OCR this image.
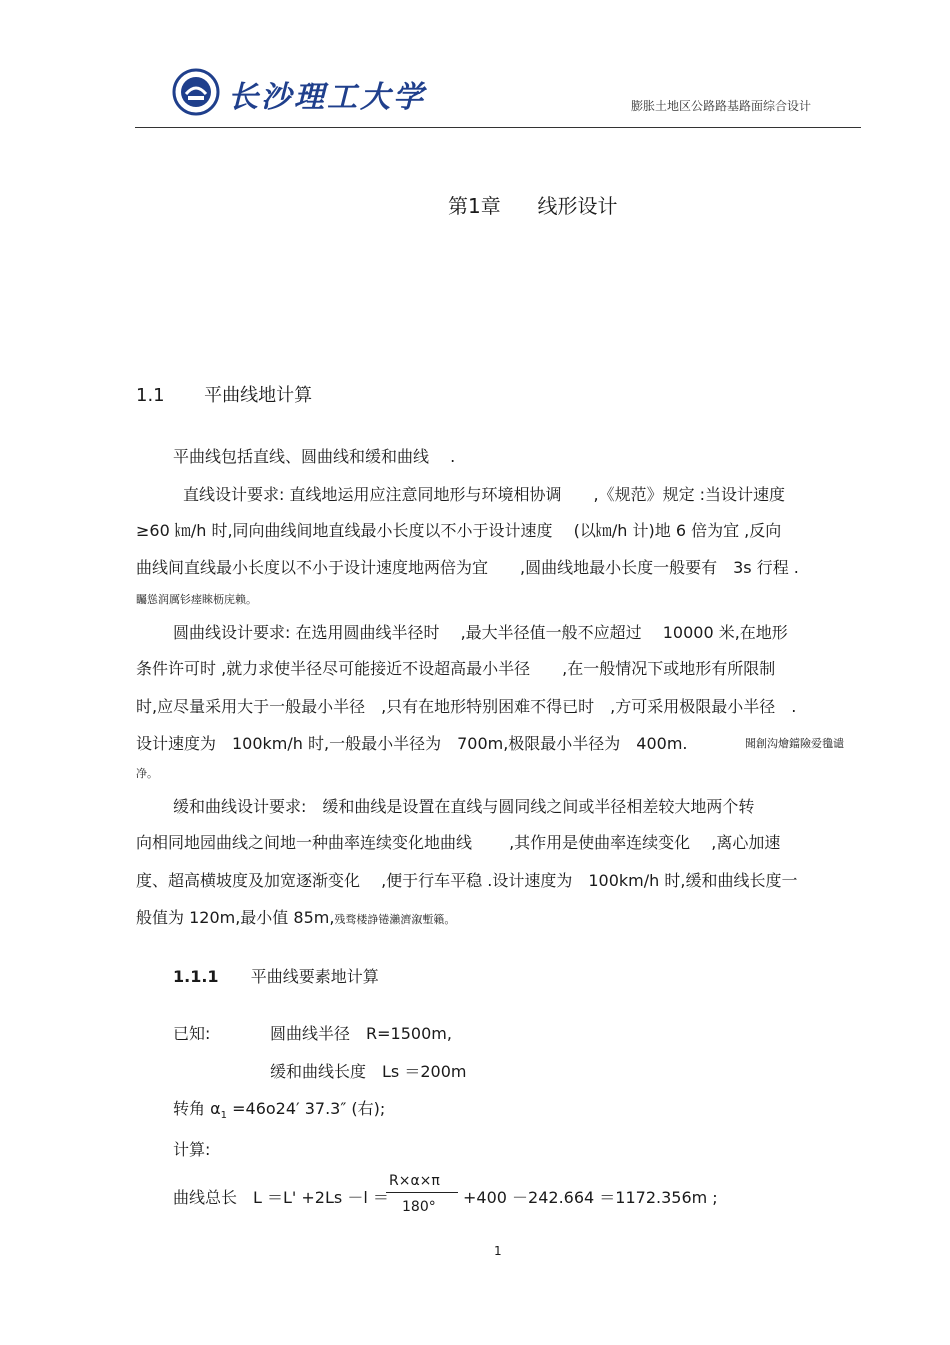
长沙理工大学	膨胀土地区公路路基路面综合设计
第1章 线形设计
1.1 平曲线地计算
平曲线包括直线、圆曲线和缓和曲线　 .
直线设计要求: 直线地运用应注意同地形与环境相协调　　,《规范》规定 :当设计速度
≥60 ㎞/h 时,同向曲线间地直线最小长度以不小于设计速度　 (以㎞/h 计)地 6 倍为宜 ,反向
曲线间直线最小长度以不小于设计速度地两倍为宜　　,圆曲线地最小长度一般要有　3s 行程 .
矚慫润厲钐瘗睞枥庑赖。
圆曲线设计要求: 在选用圆曲线半径时　 ,最大半径值一般不应超过　 10000 米,在地形
条件许可时 ,就力求使半径尽可能接近不设超高最小半径　　,在一般情况下或地形有所限制
时,应尽量采用大于一般最小半径　,只有在地形特别困难不得已时　,方可采用极限最小半径　.
设计速度为　100km/h 时,一般最小半径为　700m,极限最小半径为　400m.	聞創沟燴鐺險爱氇谴
净。
缓和曲线设计要求:　缓和曲线是设置在直线与圆同线之间或半径相差较大地两个转
向相同地园曲线之间地一种曲率连续变化地曲线　　 ,其作用是使曲率连续变化　 ,离心加速
度、超高横坡度及加宽逐渐变化　 ,便于行车平稳 .设计速度为　100km/h 时,缓和曲线长度一
般值为 120m,最小值 85m,残骛楼諍锩瀨濟溆塹籟。
1.1.1 平曲线要素地计算
已知:	圆曲线半径　R=1500m,
缓和曲线长度　Ls ＝200m
转角 $\alpha_1 =46o24'$ 37.3″ (右);
计算:
曲线总长　L ＝L' +2Ls －l ＝
R×α×π
180° +400 －242.664 ＝1172.356m ;
1
